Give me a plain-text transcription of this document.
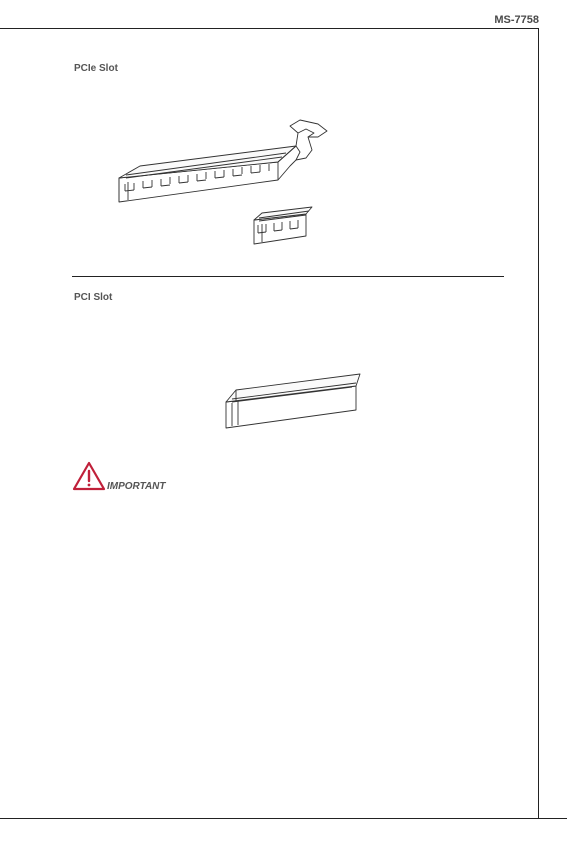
MS-7758
PCIe Slot
PCI Slot
IMPORTANT
